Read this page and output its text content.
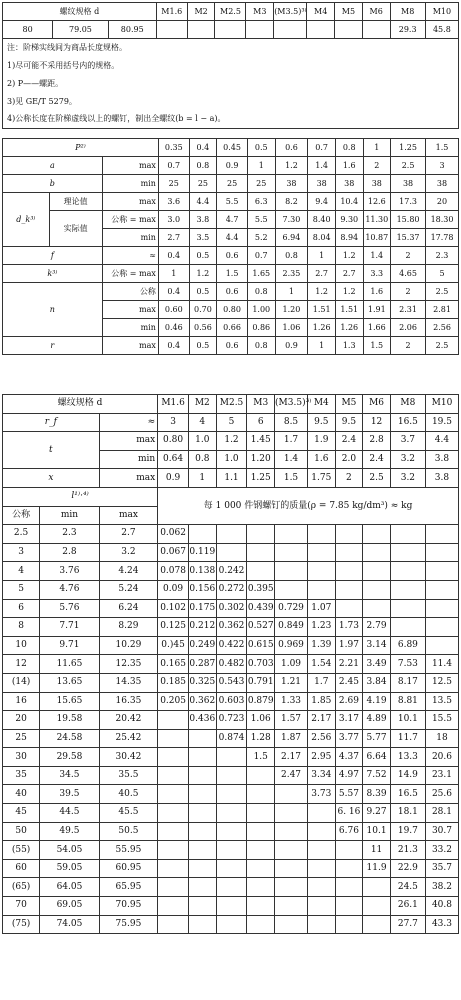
螺纹规格 d			M1.6	M2	M2.5	M3	(M3.5)³⁾	M4	M5	M6	M8	M10
80	79.05	80.95									29.3	45.8
注：阶梯实线间为商品长度规格。												
1)尽可能不采用括号内的规格。												
2) P——螺距。												
3)见 GE/T 5279。												
4)公称长度在阶梯虚线以上的螺钉，制出全螺纹(b = l − a)。												
P²⁾			0.35	0.4	0.45	0.5	0.6	0.7	0.8	1	1.25	1.5
a		max	0.7	0.8	0.9	1	1.2	1.4	1.6	2	2.5	3
b		min	25	25	25	25	38	38	38	38	38	38
d_k³⁾	理论值	max	3.6	4.4	5.5	6.3	8.2	9.4	10.4	12.6	17.3	20
	实际值	公称 = max	3.0	3.8	4.7	5.5	7.30	8.40	9.30	11.30	15.80	18.30
		min	2.7	3.5	4.4	5.2	6.94	8.04	8.94	10.87	15.37	17.78
f		≈	0.4	0.5	0.6	0.7	0.8	1	1.2	1.4	2	2.3
k³⁾		公称 = max	1	1.2	1.5	1.65	2.35	2.7	2.7	3.3	4.65	5
n		公称	0.4	0.5	0.6	0.8	1	1.2	1.2	1.6	2	2.5
		max	0.60	0.70	0.80	1.00	1.20	1.51	1.51	1.91	2.31	2.81
		min	0.46	0.56	0.66	0.86	1.06	1.26	1.26	1.66	2.06	2.56
r		max	0.4	0.5	0.6	0.8	0.9	1	1.3	1.5	2	2.5
螺纹规格 d			M1.6	M2	M2.5	M3	(M3.5)³⁾	M4	M5	M6	M8	M10
r_f		≈	3	4	5	6	8.5	9.5	9.5	12	16.5	19.5
t		max	0.80	1.0	1.2	1.45	1.7	1.9	2.4	2.8	3.7	4.4
		min	0.64	0.8	1.0	1.20	1.4	1.6	2.0	2.4	3.2	3.8
x		max	0.9	1	1.1	1.25	1.5	1.75	2	2.5	3.2	3.8
l¹⁾·⁴⁾			每 1 000 件钢螺钉的质量(ρ = 7.85 kg/dm³) ≈ kg									
公称	min	max										
2.5	2.3	2.7	0.062									
3	2.8	3.2	0.067	0.119								
4	3.76	4.24	0.078	0.138	0.242							
5	4.76	5.24	0.09	0.156	0.272	0.395						
6	5.76	6.24	0.102	0.175	0.302	0.439	0.729	1.07				
8	7.71	8.29	0.125	0.212	0.362	0.527	0.849	1.23	1.73	2.79		
10	9.71	10.29	0.)45	0.249	0.422	0.615	0.969	1.39	1.97	3.14	6.89	
12	11.65	12.35	0.165	0.287	0.482	0.703	1.09	1.54	2.21	3.49	7.53	11.4
(14)	13.65	14.35	0.185	0.325	0.543	0.791	1.21	1.7	2.45	3.84	8.17	12.5
16	15.65	16.35	0.205	0.362	0.603	0.879	1.33	1.85	2.69	4.19	8.81	13.5
20	19.58	20.42		0.436	0.723	1.06	1.57	2.17	3.17	4.89	10.1	15.5
25	24.58	25.42			0.874	1.28	1.87	2.56	3.77	5.77	11.7	18
30	29.58	30.42				1.5	2.17	2.95	4.37	6.64	13.3	20.6
35	34.5	35.5					2.47	3.34	4.97	7.52	14.9	23.1
40	39.5	40.5						3.73	5.57	8.39	16.5	25.6
45	44.5	45.5							6. 16	9.27	18.1	28.1
50	49.5	50.5							6.76	10.1	19.7	30.7
(55)	54.05	55.95								11	21.3	33.2
60	59.05	60.95								11.9	22.9	35.7
(65)	64.05	65.95									24.5	38.2
70	69.05	70.95									26.1	40.8
(75)	74.05	75.95									27.7	43.3
